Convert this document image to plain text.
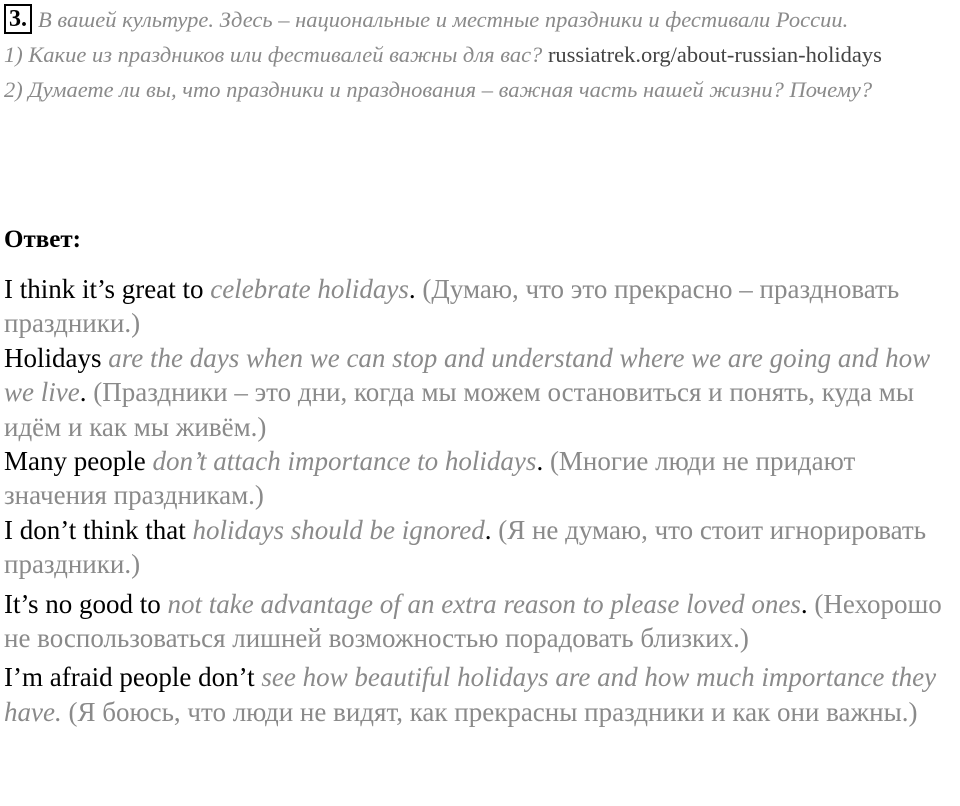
3. В вашей культуре. Здесь – национальные и местные праздники и фестивали России.

1) Какие из праздников или фестивалей важны для вас? russiatrek.org/about-russian-holidays

2) Думаете ли вы, что праздники и празднования – важная часть нашей жизни? Почему?

Ответ:

I think it’s great to celebrate holidays. (Думаю, что это прекрасно – праздновать праздники.)

Holidays are the days when we can stop and understand where we are going and how we live. (Праздники – это дни, когда мы можем остановиться и понять, куда мы идём и как мы живём.)

Many people don’t attach importance to holidays. (Многие люди не придают значения праздникам.)

I don’t think that holidays should be ignored. (Я не думаю, что стоит игнорировать праздники.)

It’s no good to not take advantage of an extra reason to please loved ones. (Нехорошо не воспользоваться лишней возможностью порадовать близких.)

I’m afraid people don’t see how beautiful holidays are and how much importance they have. (Я боюсь, что люди не видят, как прекрасны праздники и как они важны.)
